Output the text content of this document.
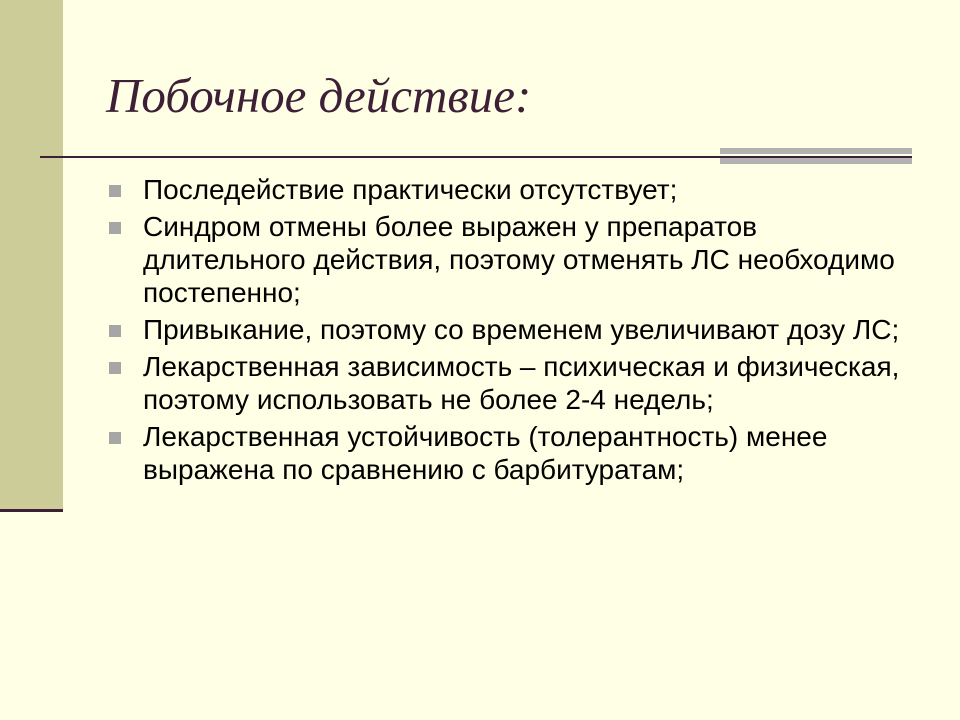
Побочное действие:
Последействие практически отсутствует;
Синдром отмены более выражен у препаратов длительного действия, поэтому отменять ЛС необходимо постепенно;
Привыкание, поэтому со временем увеличивают дозу ЛС;
Лекарственная зависимость – психическая и физическая, поэтому использовать не более 2-4 недель;
Лекарственная устойчивость (толерантность) менее выражена по сравнению с барбитуратам;
